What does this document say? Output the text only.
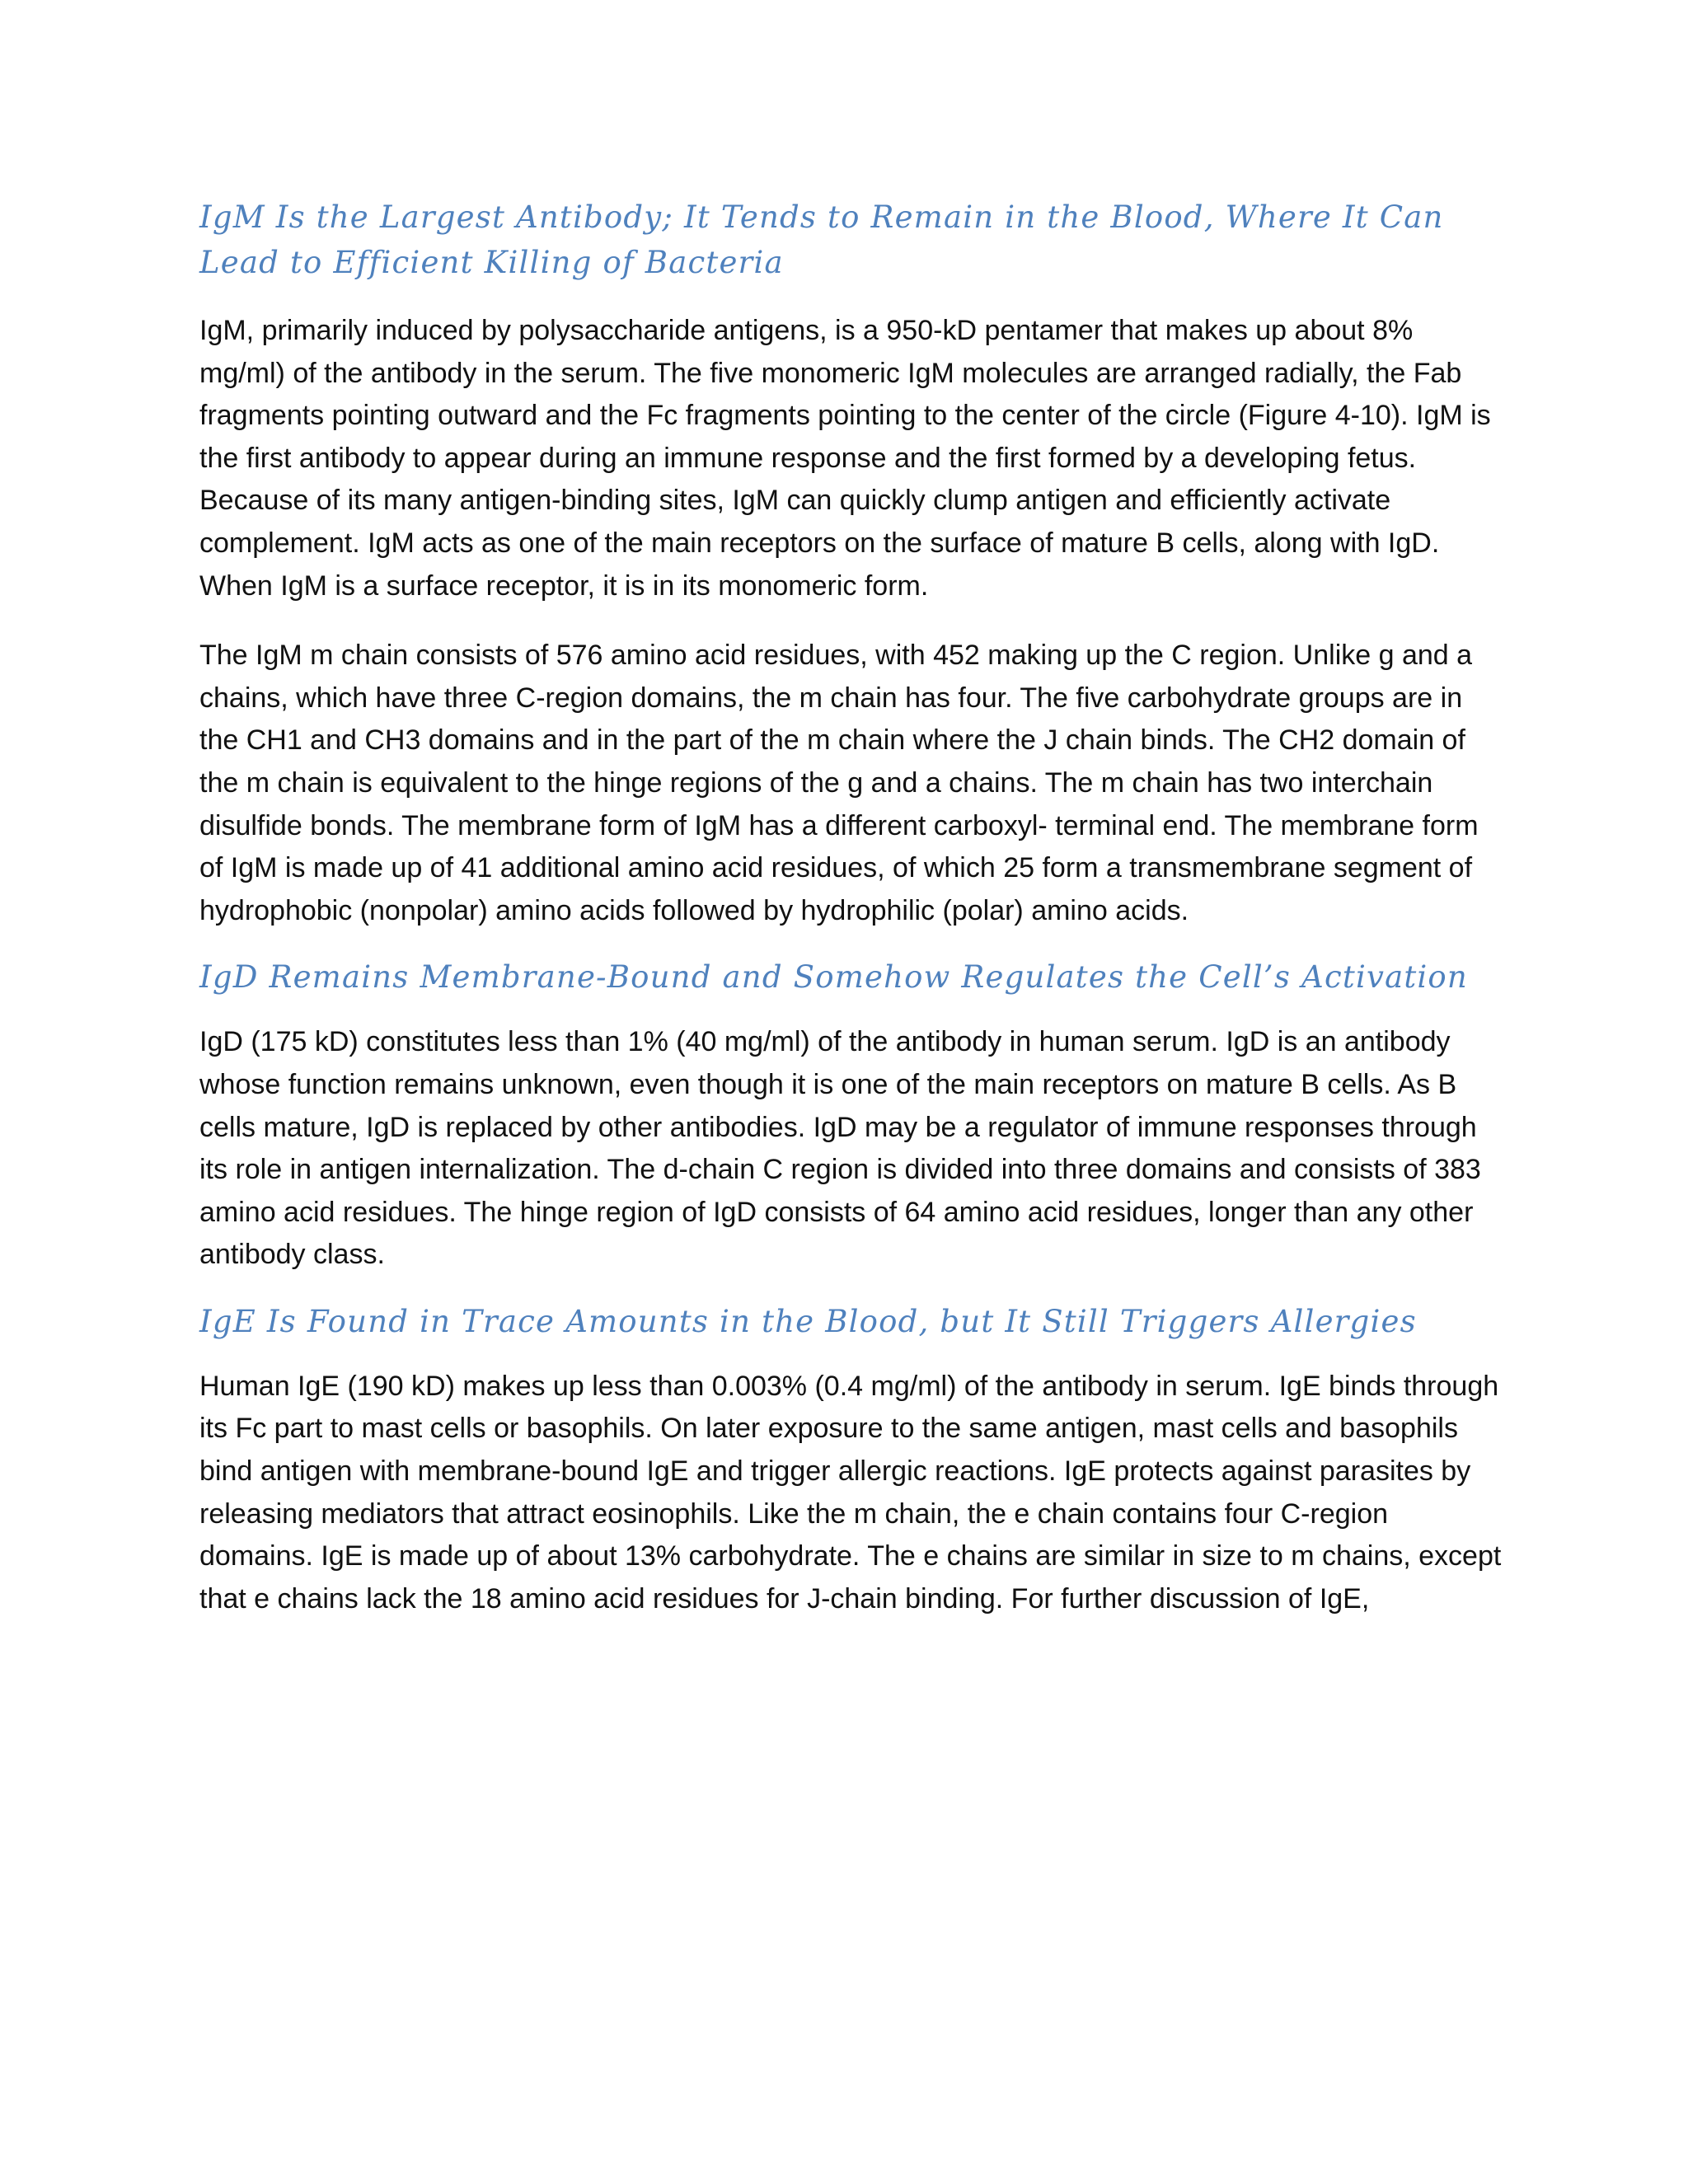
IgM Is the Largest Antibody; It Tends to Remain in the Blood, Where It Can Lead to Efficient Killing of Bacteria

IgM, primarily induced by polysaccharide antigens, is a 950-kD pentamer that makes up about 8% mg/ml) of the antibody in the serum. The five monomeric IgM molecules are arranged radially, the Fab fragments pointing outward and the Fc fragments pointing to the center of the circle (Figure 4-10). IgM is the first antibody to appear during an immune response and the first formed by a developing fetus. Because of its many antigen-binding sites, IgM can quickly clump antigen and efficiently activate complement. IgM acts as one of the main receptors on the surface of mature B cells, along with IgD. When IgM is a surface receptor, it is in its monomeric form.

The IgM m chain consists of 576 amino acid residues, with 452 making up the C region. Unlike g and a chains, which have three C-region domains, the m chain has four. The five carbohydrate groups are in the CH1 and CH3 domains and in the part of the m chain where the J chain binds. The CH2 domain of the m chain is equivalent to the hinge regions of the g and a chains. The m chain has two interchain disulfide bonds. The membrane form of IgM has a different carboxyl- terminal end. The membrane form of IgM is made up of 41 additional amino acid residues, of which 25 form a transmembrane segment of hydrophobic (nonpolar) amino acids followed by hydrophilic (polar) amino acids.

IgD Remains Membrane-Bound and Somehow Regulates the Cell’s Activation

IgD (175 kD) constitutes less than 1% (40 mg/ml) of the antibody in human serum. IgD is an antibody whose function remains unknown, even though it is one of the main receptors on mature B cells. As B cells mature, IgD is replaced by other antibodies. IgD may be a regulator of immune responses through its role in antigen internalization. The d-chain C region is divided into three domains and consists of 383 amino acid residues. The hinge region of IgD consists of 64 amino acid residues, longer than any other antibody class.

IgE Is Found in Trace Amounts in the Blood, but It Still Triggers Allergies

Human IgE (190 kD) makes up less than 0.003% (0.4 mg/ml) of the antibody in serum. IgE binds through its Fc part to mast cells or basophils. On later exposure to the same antigen, mast cells and basophils bind antigen with membrane-bound IgE and trigger allergic reactions. IgE protects against parasites by releasing mediators that attract eosinophils. Like the m chain, the e chain contains four C-region domains. IgE is made up of about 13% carbohydrate. The e chains are similar in size to m chains, except that e chains lack the 18 amino acid residues for J-chain binding. For further discussion of IgE,
